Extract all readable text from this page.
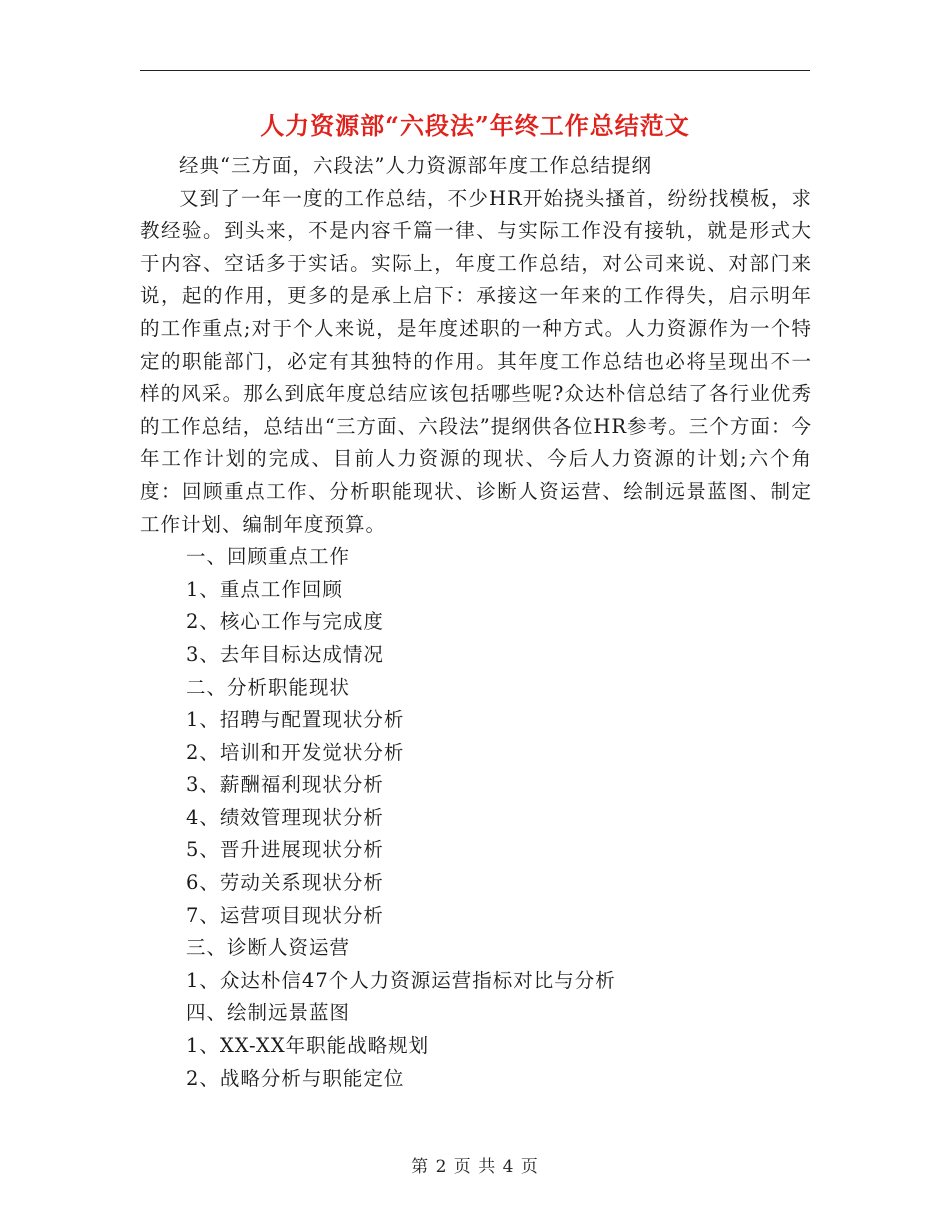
人力资源部“六段法”年终工作总结范文

经典“三方面，六段法”人力资源部年度工作总结提纲

又到了一年一度的工作总结，不少HR开始挠头搔首，纷纷找模板，求教经验。到头来，不是内容千篇一律、与实际工作没有接轨，就是形式大于内容、空话多于实话。实际上，年度工作总结，对公司来说、对部门来说，起的作用，更多的是承上启下：承接这一年来的工作得失，启示明年的工作重点;对于个人来说，是年度述职的一种方式。人力资源作为一个特定的职能部门，必定有其独特的作用。其年度工作总结也必将呈现出不一样的风采。那么到底年度总结应该包括哪些呢?众达朴信总结了各行业优秀的工作总结，总结出“三方面、六段法”提纲供各位HR参考。三个方面：今年工作计划的完成、目前人力资源的现状、今后人力资源的计划;六个角度：回顾重点工作、分析职能现状、诊断人资运营、绘制远景蓝图、制定工作计划、编制年度预算。

一、回顾重点工作

1、重点工作回顾

2、核心工作与完成度

3、去年目标达成情况

二、分析职能现状

1、招聘与配置现状分析

2、培训和开发觉状分析

3、薪酬福利现状分析

4、绩效管理现状分析

5、晋升进展现状分析

6、劳动关系现状分析

7、运营项目现状分析

三、诊断人资运营

1、众达朴信47个人力资源运营指标对比与分析

四、绘制远景蓝图

1、XX-XX年职能战略规划

2、战略分析与职能定位

第 2 页 共 4 页
